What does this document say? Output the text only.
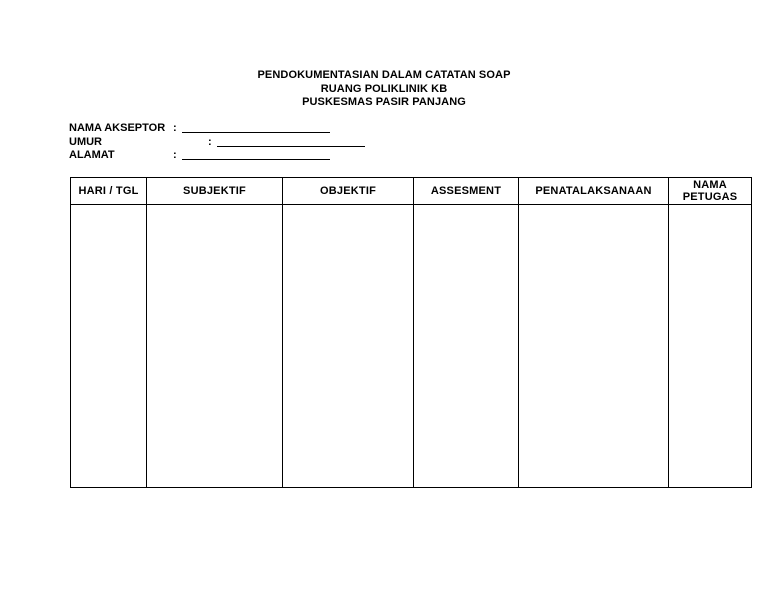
PENDOKUMENTASIAN DALAM CATATAN SOAP
RUANG POLIKLINIK KB
PUSKESMAS PASIR PANJANG
NAMA AKSEPTOR :
UMUR	:
ALAMAT	:
HARI / TGL	SUBJEKTIF	OBJEKTIF	ASSESMENT	PENATALAKSANAAN	NAMA
PETUGAS
